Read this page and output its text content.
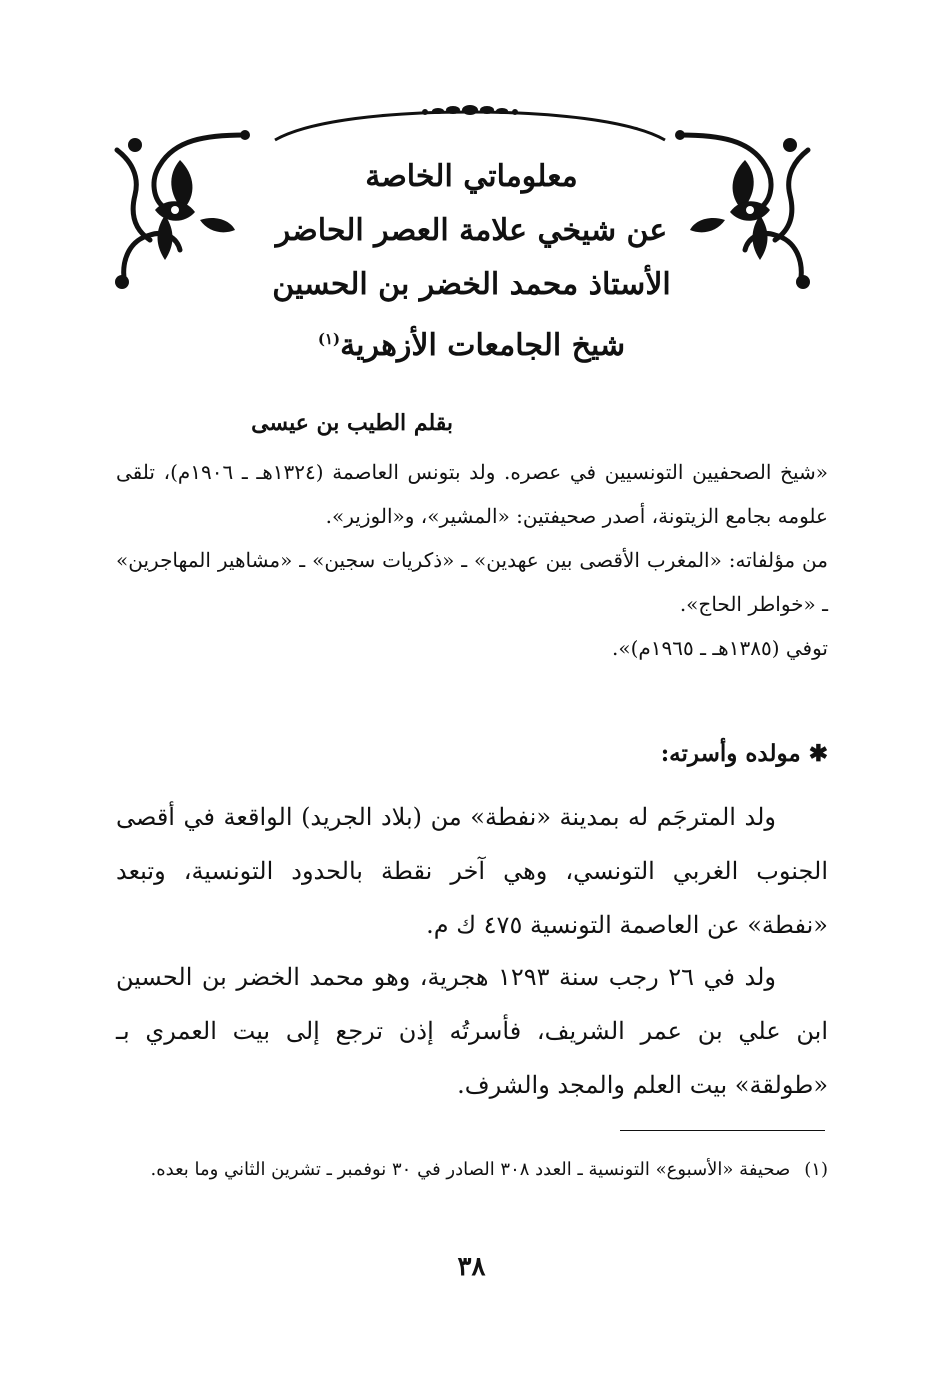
معلوماتي الخاصة
عن شيخي علامة العصر الحاضر
الأستاذ محمد الخضر بن الحسين
شيخ الجامعات الأزهرية$^{(١)}$
بقلم الطيب بن عيسى

«شيخ الصحفيين التونسيين في عصره. ولد بتونس العاصمة (١٣٢٤هـ ـ ١٩٠٦م)، تلقى علومه بجامع الزيتونة، أصدر صحيفتين: «المشير»، و«الوزير».

من مؤلفاته: «المغرب الأقصى بين عهدين» ـ «ذكريات سجين» ـ «مشاهير المهاجرين» ـ «خواطر الحاج».

توفي (١٣٨٥هـ ـ ١٩٦٥م)».

✱مولده وأسرته:

ولد المترجَم له بمدينة «نفطة» من (بلاد الجريد) الواقعة في أقصى الجنوب الغربي التونسي، وهي آخر نقطة بالحدود التونسية، وتبعد «نفطة» عن العاصمة التونسية ٤٧٥ ك م.

ولد في ٢٦ رجب سنة ١٢٩٣ هجرية، وهو محمد الخضر بن الحسين ابن علي بن عمر الشريف، فأسرتُه إذن ترجع إلى بيت العمري بـ «طولقة» بيت العلم والمجد والشرف.

(١)صحيفة «الأسبوع» التونسية ـ العدد ٣٠٨ الصادر في ٣٠ نوفمبر ـ تشرين الثاني وما بعده.

٣٨
